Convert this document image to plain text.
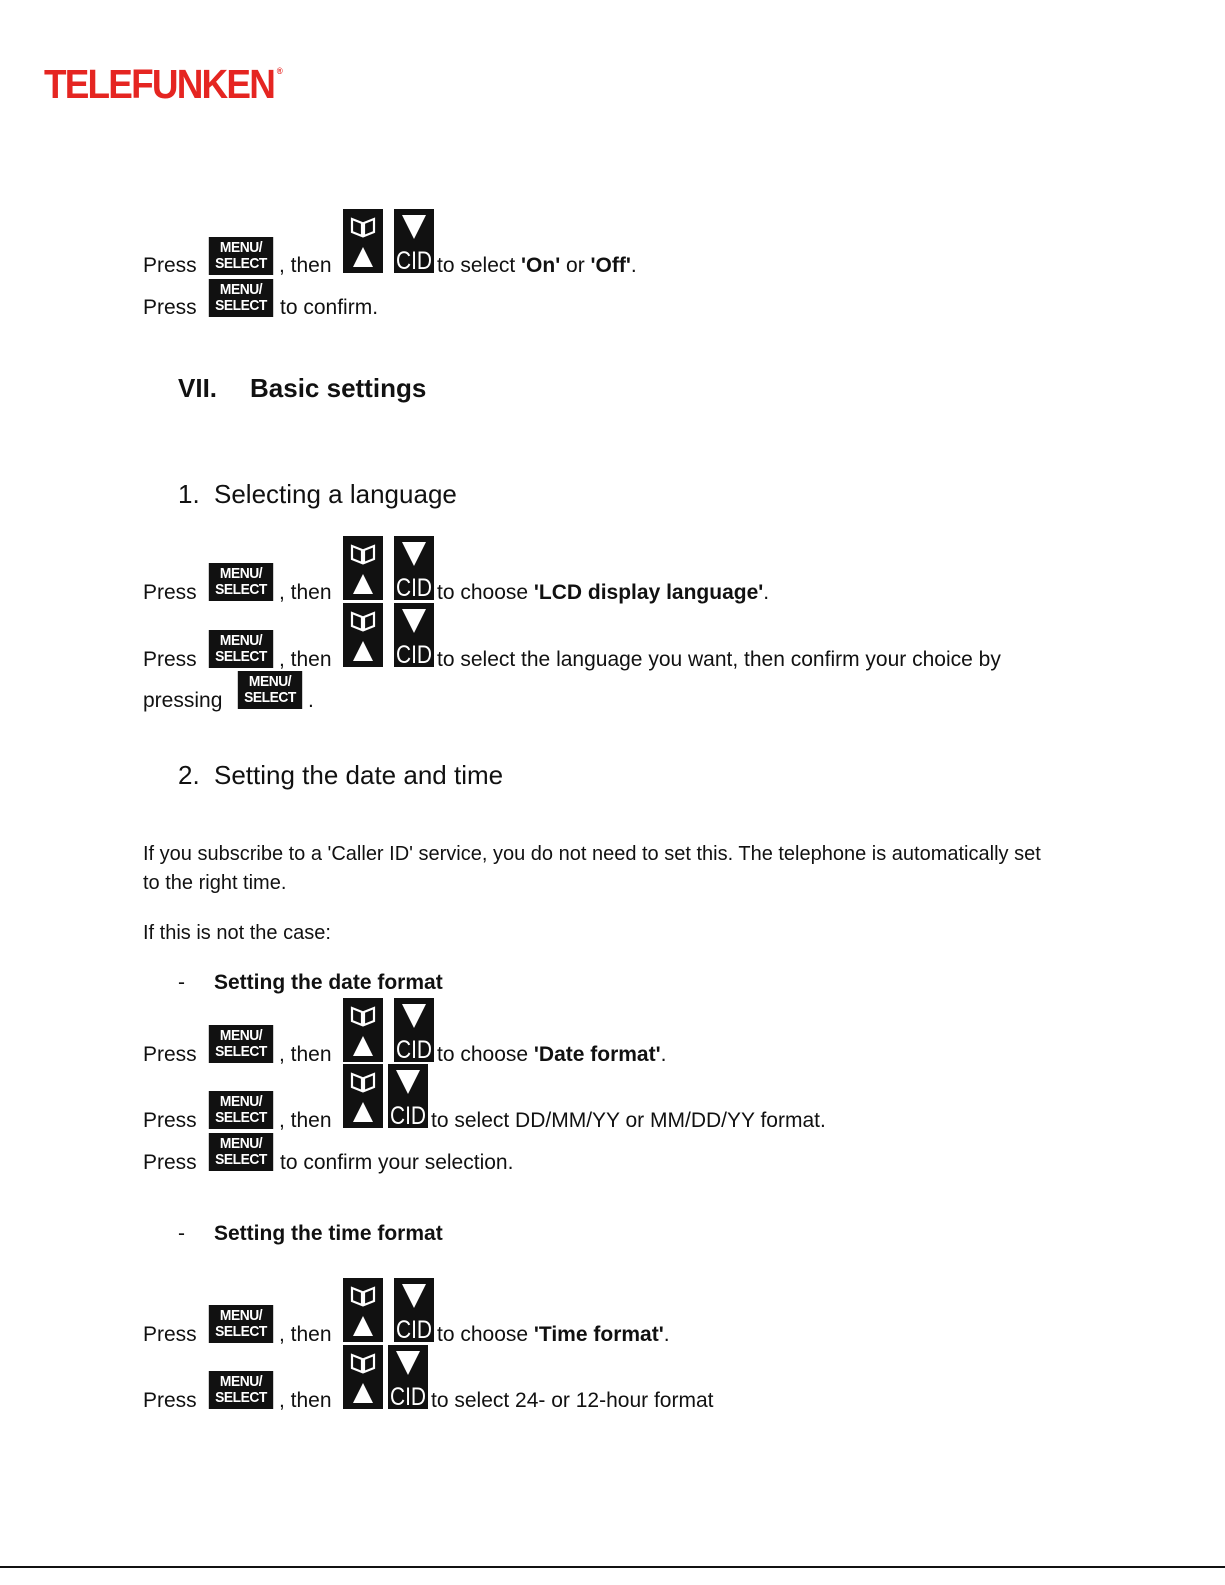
TELEFUNKEN ®
Press
MENU/
SELECT , then	CID to select 'On' or 'Off'.
Press
MENU/
SELECT to confirm.
VII. Basic settings
1. Selecting a language
Press
MENU/
SELECT , then	CID to choose 'LCD display language'.
Press
MENU/
SELECT , then	CID to select the language you want, then confirm your choice by
pressing
MENU/
SELECT .
2. Setting the date and time
If you subscribe to a 'Caller ID' service, you do not need to set this. The telephone is automatically set to the right time.
If this is not the case:
- Setting the date format
Press
MENU/
SELECT , then	CID to choose 'Date format'.
Press
MENU/
SELECT , then CID to select DD/MM/YY or MM/DD/YY format.
Press
MENU/
SELECT to confirm your selection.
- Setting the time format
Press
MENU/
SELECT , then	CID to choose 'Time format'.
Press
MENU/
SELECT , then CID to select 24- or 12-hour format
